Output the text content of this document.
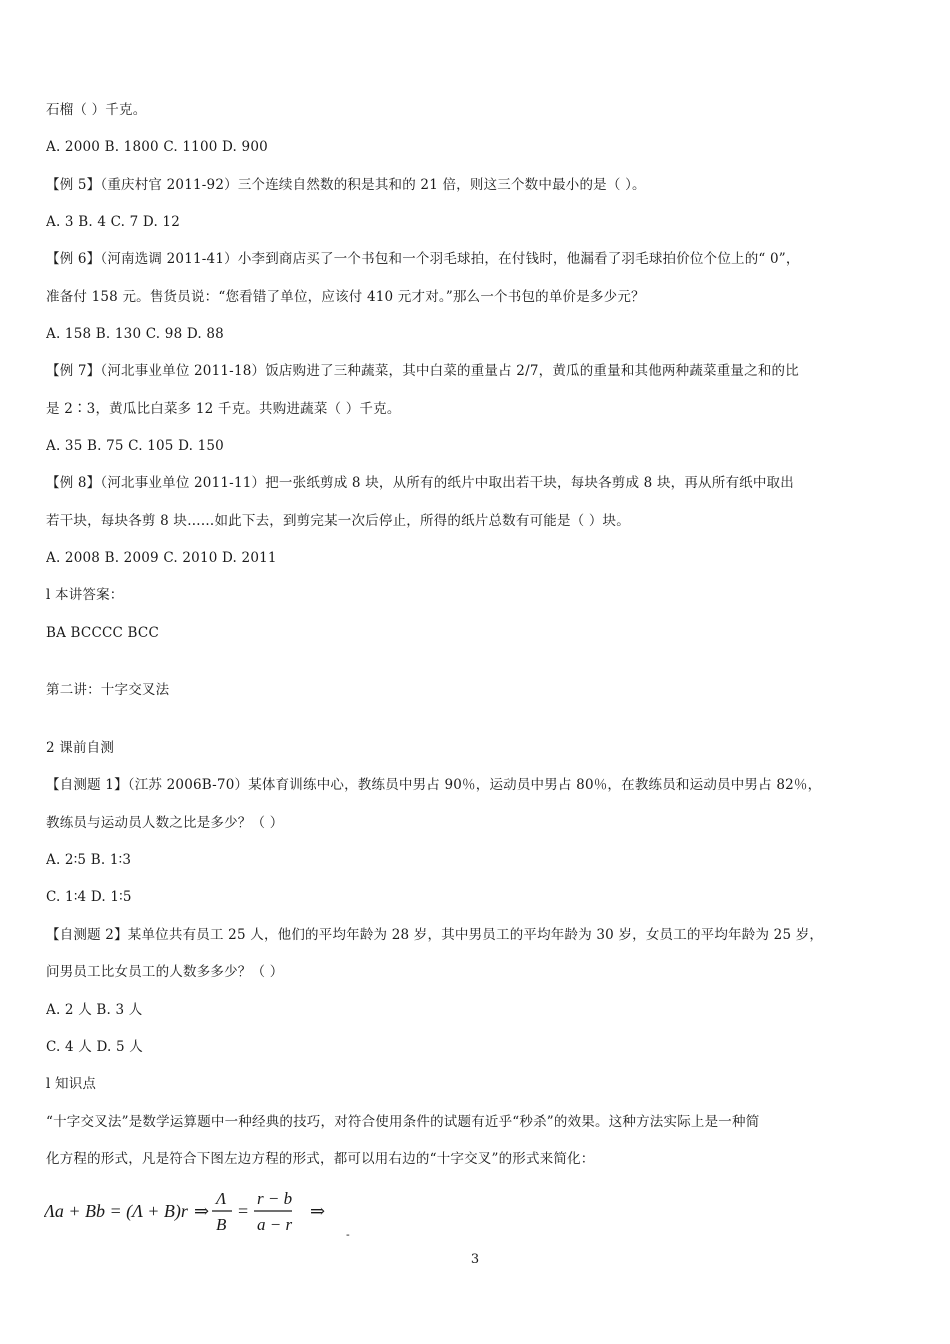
石榴（ ）千克。
A. 2000 B. 1800 C. 1100 D. 900
【例 5】（重庆村官 2011-92）三个连续自然数的积是其和的 21 倍，则这三个数中最小的是（ ）。
A. 3 B. 4 C. 7 D. 12
【例 6】（河南选调 2011-41）小李到商店买了一个书包和一个羽毛球拍，在付钱时，他漏看了羽毛球拍价位个位上的“ 0”，
准备付 158 元。售货员说：“您看错了单位，应该付 410 元才对。”那么一个书包的单价是多少元？
A. 158 B. 130 C. 98 D. 88
【例 7】（河北事业单位 2011-18）饭店购进了三种蔬菜，其中白菜的重量占 2/7，黄瓜的重量和其他两种蔬菜重量之和的比
是 2∶3，黄瓜比白菜多 12 千克。共购进蔬菜（ ）千克。
A. 35 B. 75 C. 105 D. 150
【例 8】（河北事业单位 2011-11）把一张纸剪成 8 块，从所有的纸片中取出若干块，每块各剪成 8 块，再从所有纸中取出
若干块，每块各剪 8 块……如此下去，到剪完某一次后停止，所得的纸片总数有可能是（ ）块。
A. 2008 B. 2009 C. 2010 D. 2011
l 本讲答案：
BA BCCCC BCC
第二讲：十字交叉法
2 课前自测
【自测题 1】（江苏 2006B-70）某体育训练中心，教练员中男占 90％，运动员中男占 80％，在教练员和运动员中男占 82％，
教练员与运动员人数之比是多少？（ ）
A. 2∶5 B. 1∶3
C. 1∶4 D. 1∶5
【自测题 2】某单位共有员工 25 人，他们的平均年龄为 28 岁，其中男员工的平均年龄为 30 岁，女员工的平均年龄为 25 岁，
问男员工比女员工的人数多多少？（ ）
A. 2 人 B. 3 人
C. 4 人 D. 5 人
l 知识点
“十字交叉法”是数学运算题中一种经典的技巧，对符合使用条件的试题有近乎“秒杀”的效果。这种方法实际上是一种简
化方程的形式，凡是符合下图左边方程的形式，都可以用右边的“十字交叉”的形式来简化：
Λa + Bb = (Λ + B)r ⇒
Λ
B
=
r − b
a − r
⇒
-
3
